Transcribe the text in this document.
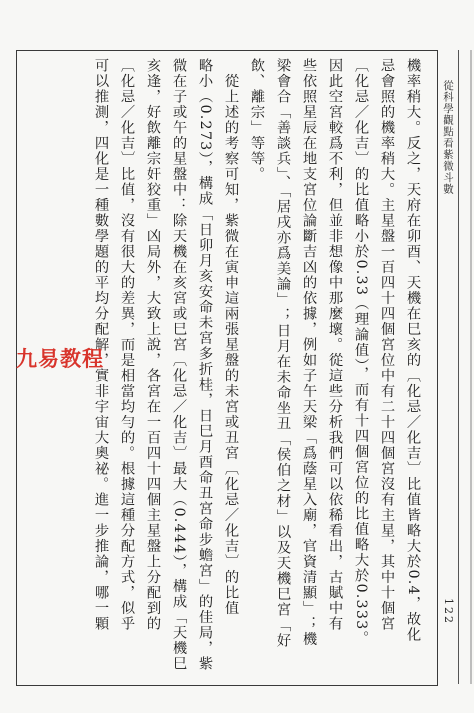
從科學觀點看紫微斗數
122
機率稍大。反之，天府在卯酉、天機在巳亥的〔化忌／化吉〕比值皆略大於0.4，故化
忌會照的機率稍大。主星盤一百四十四個宮位中有二十四個宮沒有主星，其中十個宮
〔化忌／化吉〕的比值略小於0.33（理論值），而有十四個宮位的比值略大於0.333。
因此空宮較爲不利，但並非想像中那麼壞。從這些分析我們可以依稀看出，古賦中有
些依照星辰在地支宮位論斷吉凶的依據，例如子午天梁「爲蔭星入廟，官資清顯」；機
梁會合「善談兵」、「居戌亦爲美論」；日月在未命坐丑「侯伯之材」以及天機巳宮「好
飲、離宗」等等。
　從上述的考察可知，紫微在寅申這兩張星盤的未宮或丑宮〔化忌／化吉〕的比值
略小（0.273），構成「日卯月亥安命未宮多折桂，日巳月酉命丑宮命步蟾宮」的佳局，紫
微在子或午的星盤中：除天機在亥宮或巳宮〔化忌／化吉〕最大（0.444），構成「天機巳
亥逢，好飲離宗奸狡重」凶局外，大致上說，各宮在一百四十四個主星盤上分配到的
〔化忌／化吉〕比值，沒有很大的差異，而是相當均勻的。根據這種分配方式，似乎
可以推測，四化是一種數學題的平均分配解，實非宇宙大奧祕。進一步推論，哪一顆
九易教程
